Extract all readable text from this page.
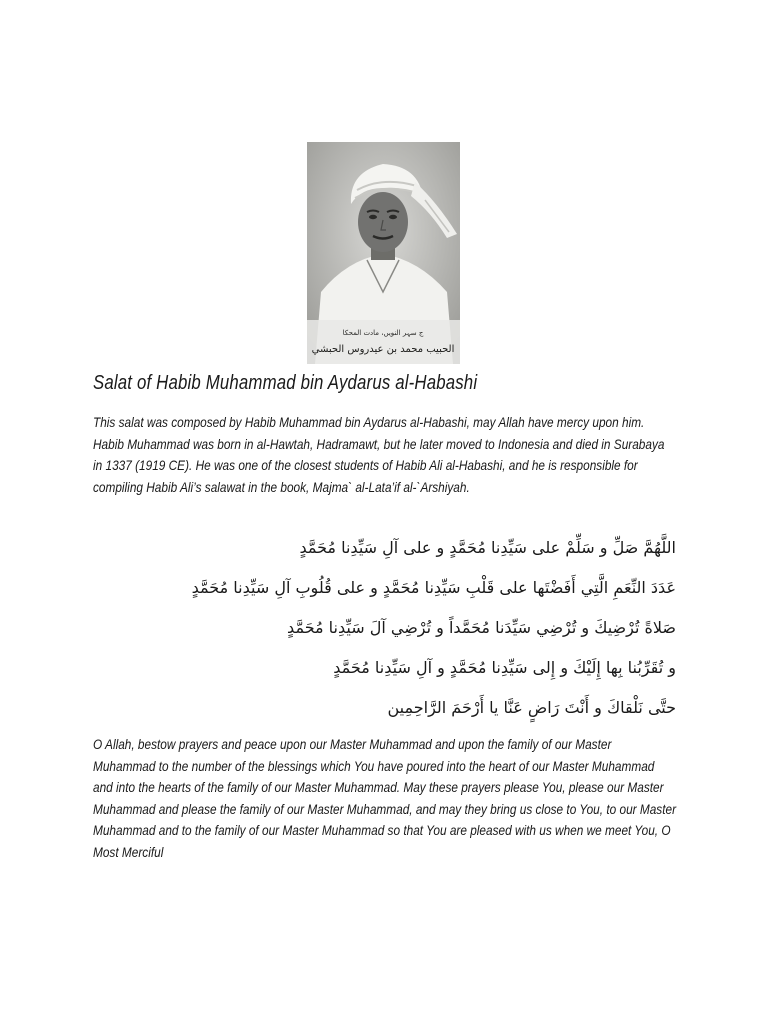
ج سہر النويں، مادت المحکا
الحبيب محمد بن عيدروس الحبشي
Salat of Habib Muhammad bin Aydarus al-Habashi
This salat was composed by Habib Muhammad bin Aydarus al-Habashi, may Allah have mercy upon him. Habib Muhammad was born in al-Hawtah, Hadramawt, but he later moved to Indonesia and died in Surabaya in 1337 (1919 CE). He was one of the closest students of Habib Ali al-Habashi, and he is responsible for compiling Habib Ali’s salawat in the book, Majma` al-Lata’if al-`Arshiyah.
اللَّهُمَّ صَلِّ و سَلِّمْ على سَيِّدِنا مُحَمَّدٍ و على آلِ سَيِّدِنا مُحَمَّدٍ
عَدَدَ النِّعَمِ الَّتِي أَفَضْتَها على قَلْبِ سَيِّدِنا مُحَمَّدٍ و على قُلُوبِ آلِ سَيِّدِنا مُحَمَّدٍ
صَلاةً تُرْضِيكَ و تُرْضِي سَيِّدَنا مُحَمَّداً و تُرْضِي آلَ سَيِّدِنا مُحَمَّدٍ
و تُقَرِّبُنا بِها إِلَيْكَ و إِلى سَيِّدِنا مُحَمَّدٍ و آلِ سَيِّدِنا مُحَمَّدٍ
حتَّى نَلْقاكَ و أَنْتَ رَاضٍ عَنَّا يا أَرْحَمَ الرَّاحِمِين
O Allah, bestow prayers and peace upon our Master Muhammad and upon the family of our Master Muhammad to the number of the blessings which You have poured into the heart of our Master Muhammad and into the hearts of the family of our Master Muhammad. May these prayers please You, please our Master Muhammad and please the family of our Master Muhammad, and may they bring us close to You, to our Master Muhammad and to the family of our Master Muhammad so that You are pleased with us when we meet You, O Most Merciful
